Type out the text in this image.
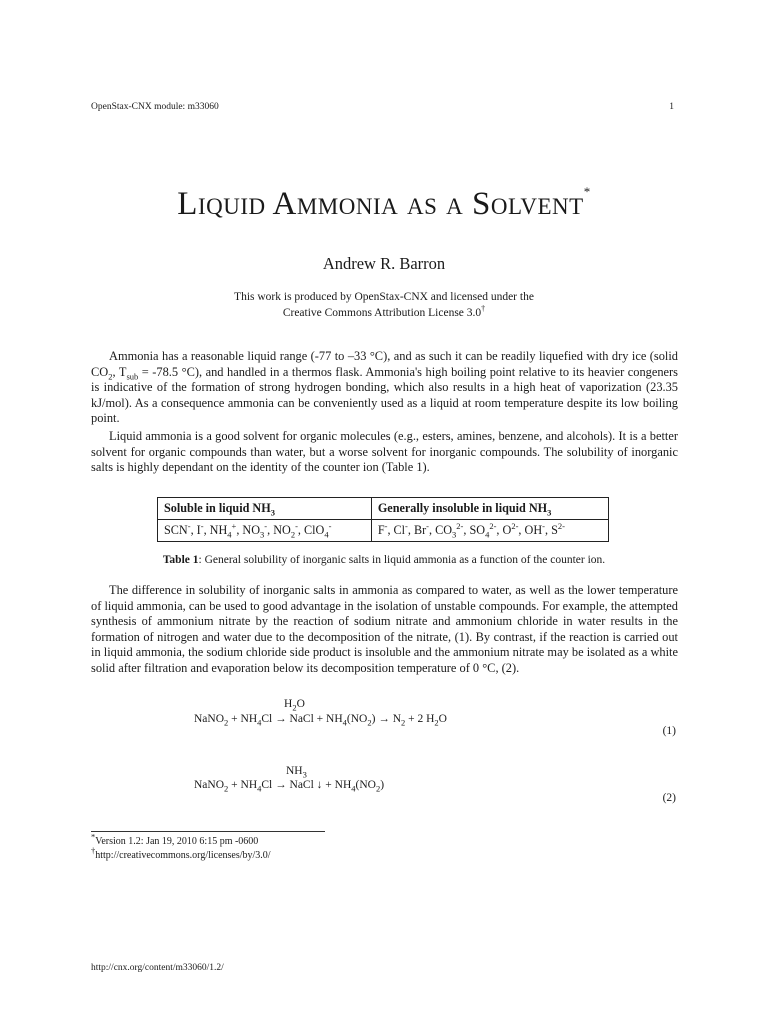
OpenStax-CNX module: m33060	1
Liquid Ammonia as a Solvent*
Andrew R. Barron
This work is produced by OpenStax-CNX and licensed under the
Creative Commons Attribution License 3.0†

Ammonia has a reasonable liquid range (-77 to –33 °C), and as such it can be readily liquefied with dry ice (solid $CO_2$, $T_{sub} = -78.5$ °C), and handled in a thermos flask. Ammonia's high boiling point relative to its heavier congeners is indicative of the formation of strong hydrogen bonding, which also results in a high heat of vaporization (23.35 kJ/mol). As a consequence ammonia can be conveniently used as a liquid at room temperature despite its low boiling point.

Liquid ammonia is a good solvent for organic molecules (e.g., esters, amines, benzene, and alcohols). It is a better solvent for organic compounds than water, but a worse solvent for inorganic compounds. The solubility of inorganic salts is highly dependant on the identity of the counter ion (Table 1).

Soluble in liquid $NH_3$	Generally insoluble in liquid $NH_3$
SCN-, I-, $NH_4^+$, $NO_3^-$, $NO_2^-$, ClO$_4$-	F-, Cl-, Br-, $CO_3^{2-}$, $SO_4^{2-}$, $O^{2-}$, OH-, $S^{2-}$
Table 1: General solubility of inorganic salts in liquid ammonia as a function of the counter ion.

The difference in solubility of inorganic salts in ammonia as compared to water, as well as the lower temperature of liquid ammonia, can be used to good advantage in the isolation of unstable compounds. For example, the attempted synthesis of ammonium nitrate by the reaction of sodium nitrate and ammonium chloride in water results in the formation of nitrogen and water due to the decomposition of the nitrate, (1). By contrast, if the reaction is carried out in liquid ammonia, the sodium chloride side product is insoluble and the ammonium nitrate may be isolated as a white solid after filtration and evaporation below its decomposition temperature of 0 °C, (2).

$H_2O$
NaNO$_2$ + $NH_4Cl$ → NaCl + $NH_4(NO_2) \to N_2 + 2$ $H_2O$
(1)
$NH_3$
NaNO$_2$ + $NH_4Cl$ → NaCl ↓ + $NH_4(NO_2)$
(2)
*Version 1.2: Jan 19, 2010 6:15 pm -0600
†http://creativecommons.org/licenses/by/3.0/
http://cnx.org/content/m33060/1.2/
